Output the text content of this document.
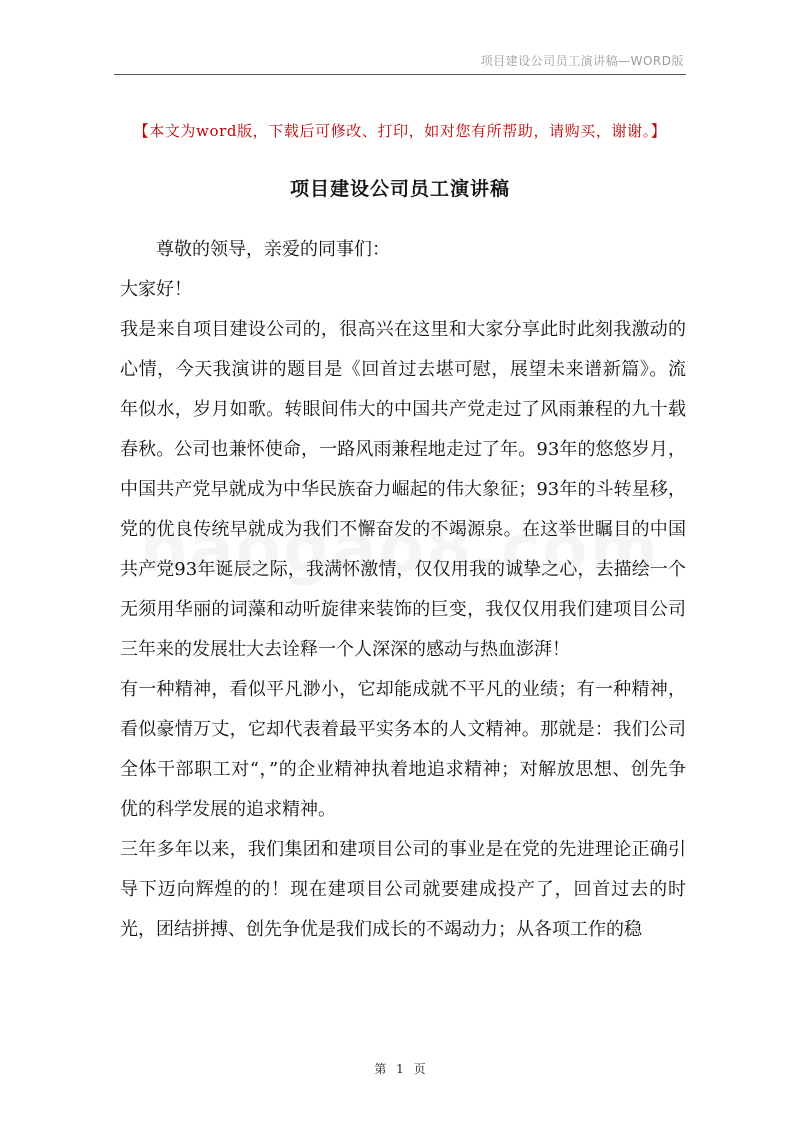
项目建设公司员工演讲稿—WORD版
【本文为word版，下载后可修改、打印，如对您有所帮助，请购买，谢谢。】
项目建设公司员工演讲稿

尊敬的领导，亲爱的同事们：

大家好！

我是来自项目建设公司的，很高兴在这里和大家分享此时此刻我激动的心情，今天我演讲的题目是《回首过去堪可慰，展望未来谱新篇》。流年似水，岁月如歌。转眼间伟大的中国共产党走过了风雨兼程的九十载春秋。公司也兼怀使命，一路风雨兼程地走过了年。93年的悠悠岁月，中国共产党早就成为中华民族奋力崛起的伟大象征；93年的斗转星移，党的优良传统早就成为我们不懈奋发的不竭源泉。在这举世瞩目的中国共产党93年诞辰之际，我满怀激情，仅仅用我的诚挚之心，去描绘一个无须用华丽的词藻和动听旋律来装饰的巨变，我仅仅用我们建项目公司三年来的发展壮大去诠释一个人深深的感动与热血澎湃！

有一种精神，看似平凡渺小，它却能成就不平凡的业绩；有一种精神，看似豪情万丈，它却代表着最平实务本的人文精神。那就是：我们公司全体干部职工对“，”的企业精神执着地追求精神；对解放思想、创先争优的科学发展的追求精神。

三年多年以来，我们集团和建项目公司的事业是在党的先进理论正确引导下迈向辉煌的的！现在建项目公司就要建成投产了，回首过去的时光，团结拼搏、创先争优是我们成长的不竭动力；从各项工作的稳

第 1 页
